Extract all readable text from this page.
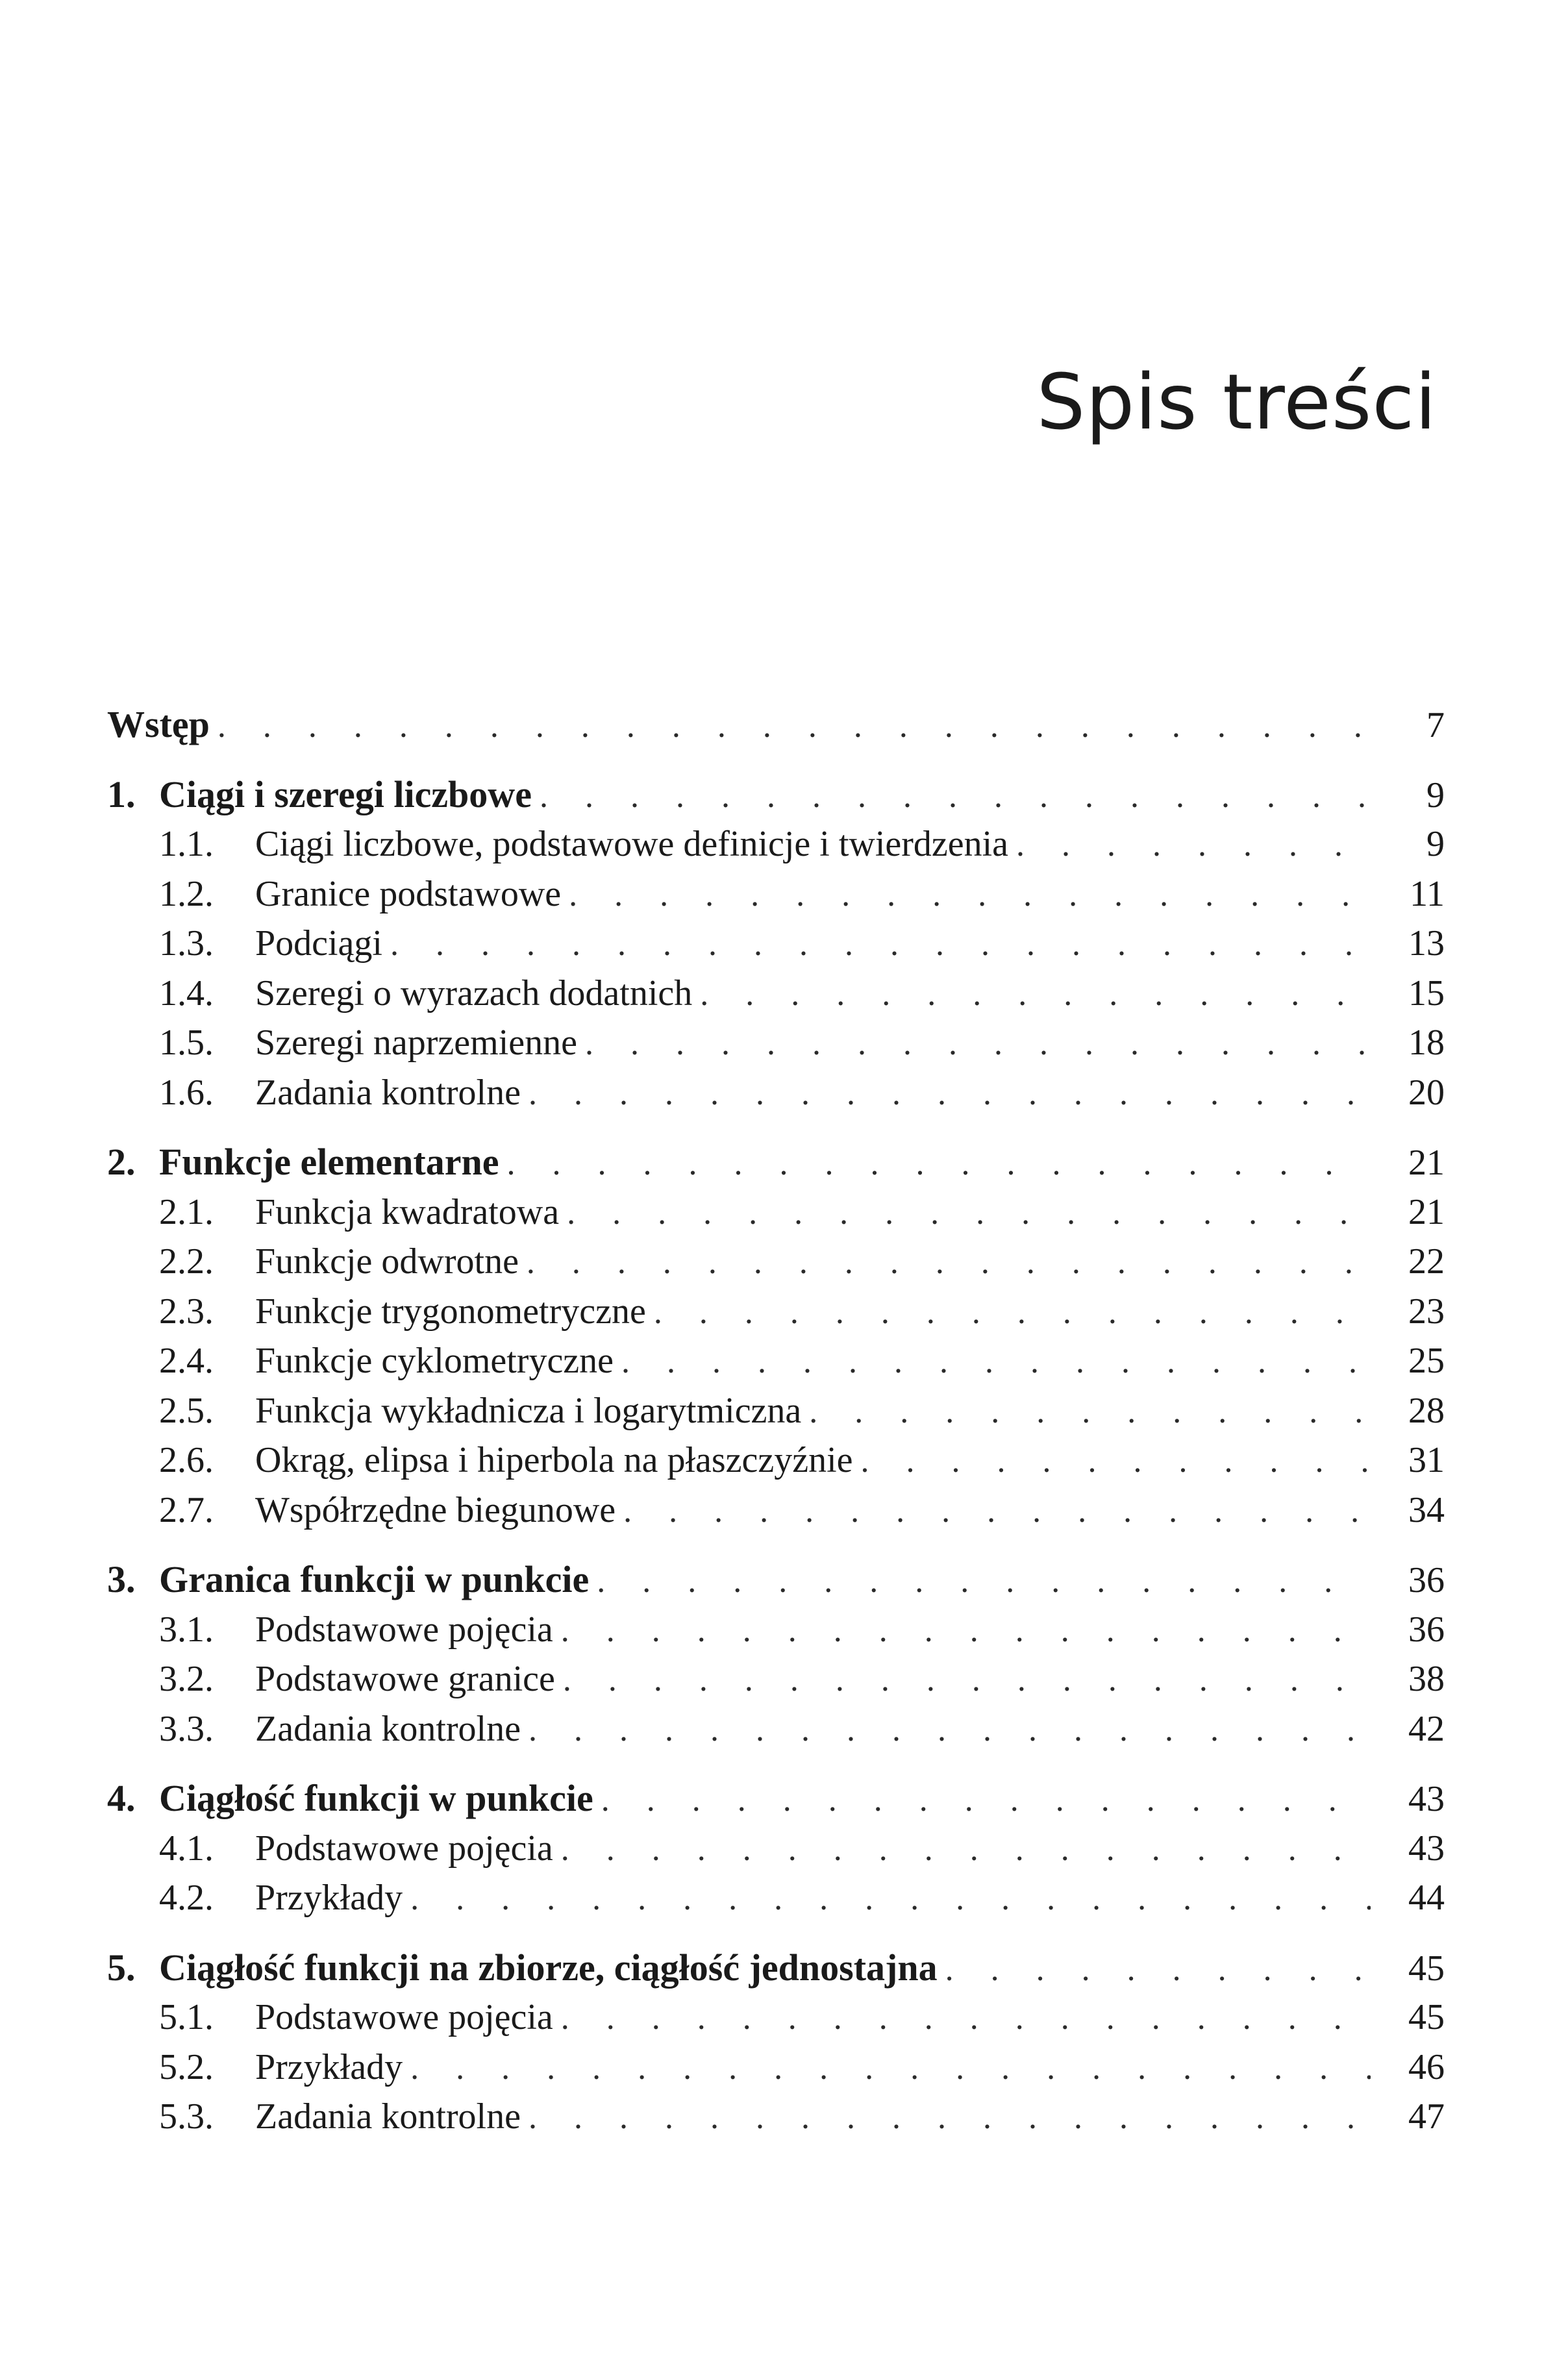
Spis treści
Wstęp . . .	7
1. Ciągi i szeregi liczbowe . . .	9
1.1.	Ciągi liczbowe, podstawowe definicje i twierdzenia . . .	9
1.2.	Granice podstawowe . . .	11
1.3.	Podciągi . . .	13
1.4.	Szeregi o wyrazach dodatnich . . .	15
1.5.	Szeregi naprzemienne . . .	18
1.6.	Zadania kontrolne . . .	20
2. Funkcje elementarne . . .	21
2.1.	Funkcja kwadratowa . . .	21
2.2.	Funkcje odwrotne . . .	22
2.3.	Funkcje trygonometryczne . . .	23
2.4.	Funkcje cyklometryczne . . .	25
2.5.	Funkcja wykładnicza i logarytmiczna . . .	28
2.6.	Okrąg, elipsa i hiperbola na płaszczyźnie . . .	31
2.7.	Współrzędne biegunowe . . .	34
3. Granica funkcji w punkcie . . .	36
3.1.	Podstawowe pojęcia . . .	36
3.2.	Podstawowe granice . . .	38
3.3.	Zadania kontrolne . . .	42
4. Ciągłość funkcji w punkcie . . .	43
4.1.	Podstawowe pojęcia . . .	43
4.2.	Przykłady . . .	44
5. Ciągłość funkcji na zbiorze, ciągłość jednostajna . . .	45
5.1.	Podstawowe pojęcia . . .	45
5.2.	Przykłady . . .	46
5.3.	Zadania kontrolne . . .	47
